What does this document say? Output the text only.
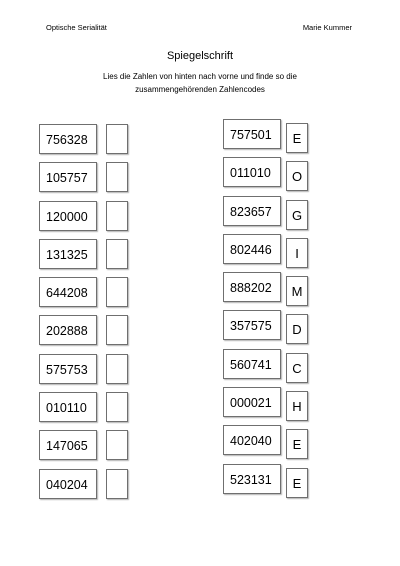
Optische Serialität	Marie Kummer
Spiegelschrift
Lies die Zahlen von hinten nach vorne und finde so die
zusammengehörenden Zahlencodes
756328
105757
120000
131325
644208
202888
575753
010110
147065
040204
757501	E
011010	O
823657	G
802446	I
888202	M
357575	D
560741	C
000021	H
402040	E
523131	E
